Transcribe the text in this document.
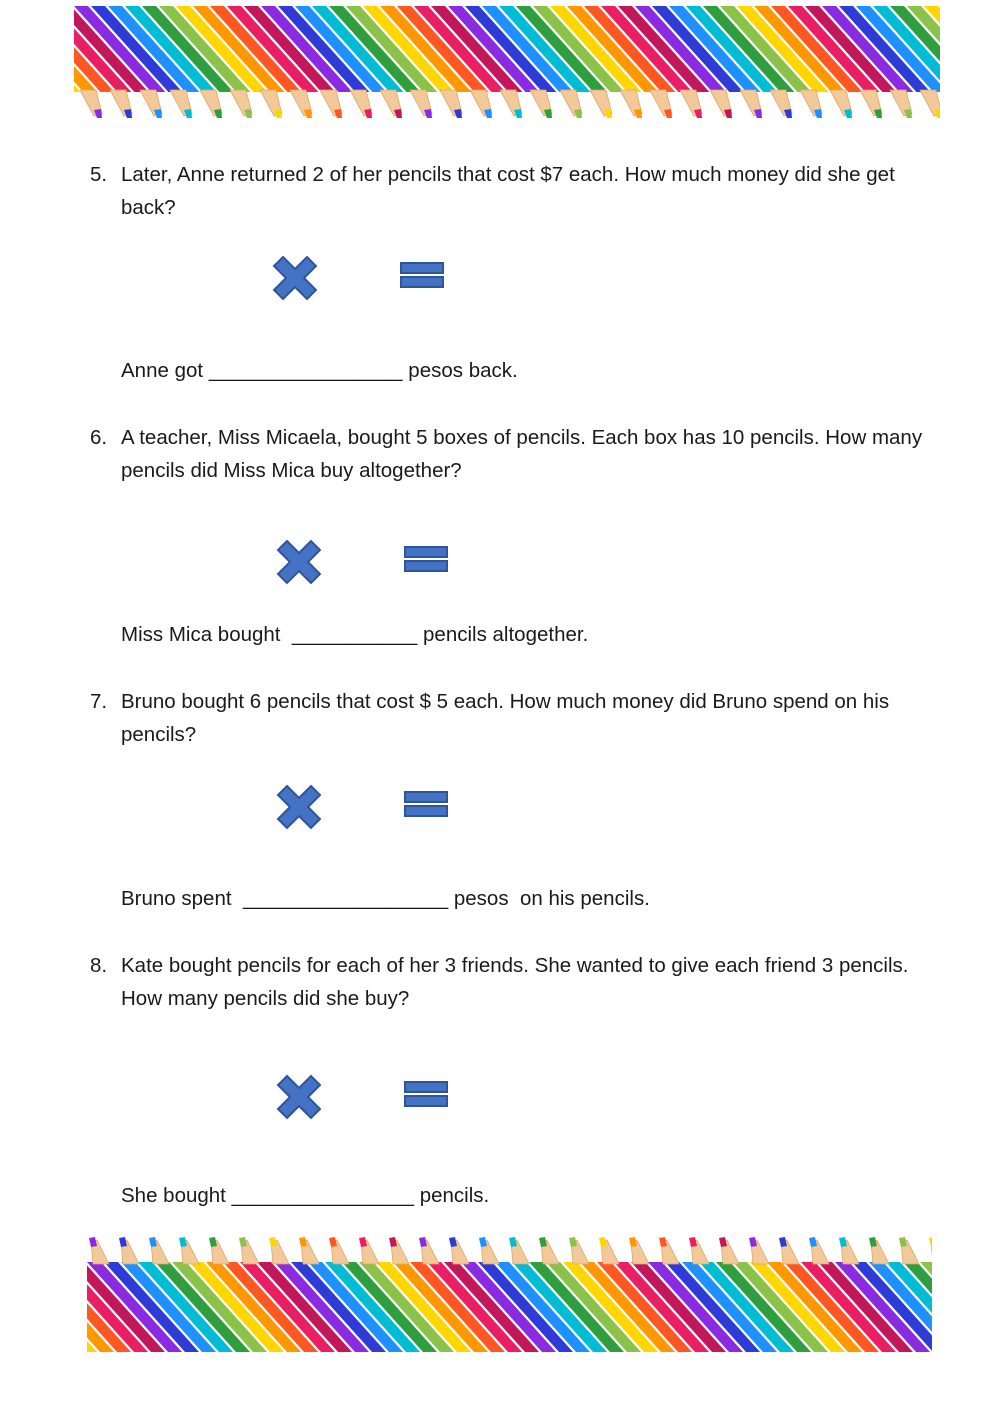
5. Later, Anne returned 2 of her pencils that cost $7 each. How much money did she get back?
Anne got _________________ pesos back.
6. A teacher, Miss Micaela, bought 5 boxes of pencils. Each box has 10 pencils. How many pencils did Miss Mica buy altogether?
Miss Mica bought  ___________ pencils altogether.
7. Bruno bought 6 pencils that cost $ 5 each. How much money did Bruno spend on his pencils?
Bruno spent  __________________ pesos  on his pencils.
8. Kate bought pencils for each of her 3 friends. She wanted to give each friend 3 pencils. How many pencils did she buy?
She bought ________________ pencils.
